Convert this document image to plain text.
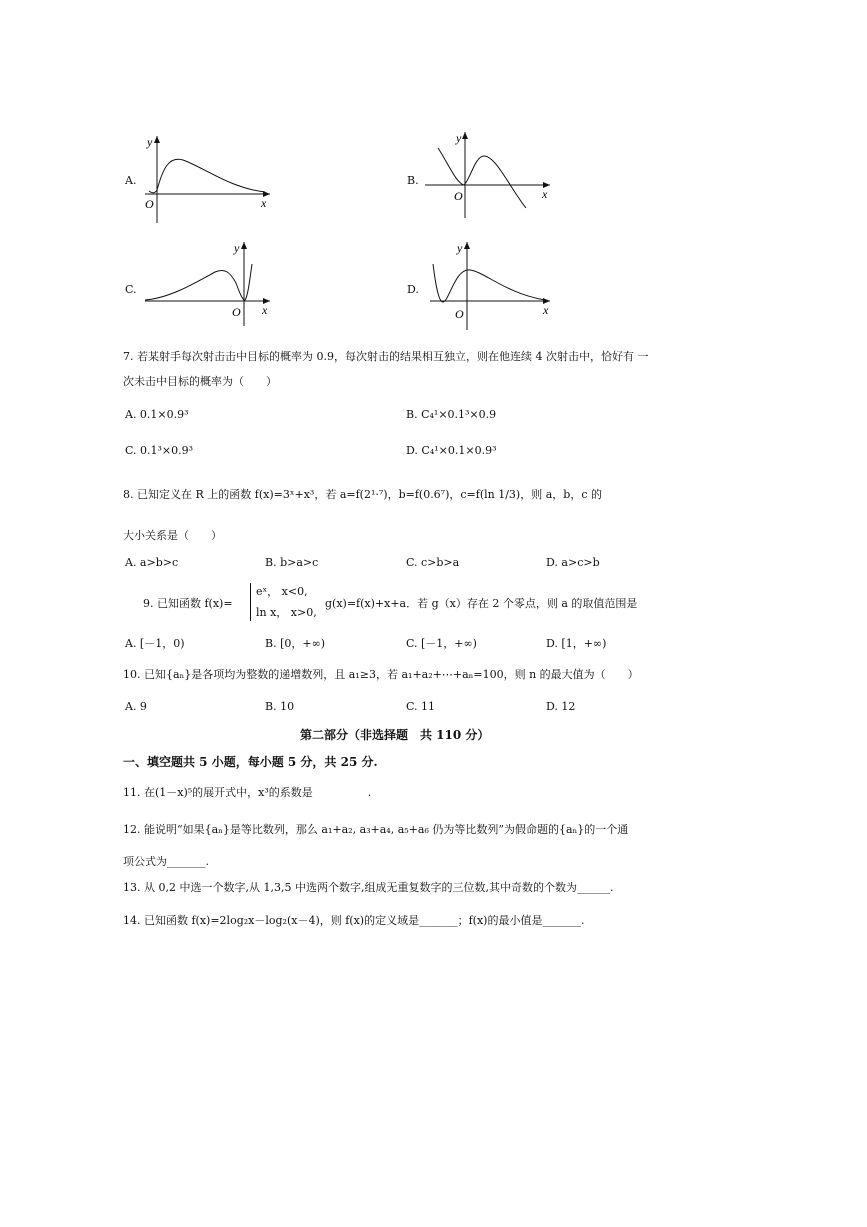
A.
y
x
O
B.
y
x
O
C.
y
x
O
D.
y
x
O
7. 若某射手每次射击击中目标的概率为 0.9，每次射击的结果相互独立，则在他连续 4 次射击中，恰好有 一
次未击中目标的概率为（　　）
A. 0.1×0.9³	B. C₄¹×0.1³×0.9
C. 0.1³×0.9³	D. C₄¹×0.1×0.9³
8. 已知定义在 R 上的函数 f(x)=3ˣ+x³，若 a=f(2¹·⁷)，b=f(0.6⁷)，c=f(ln 1/3)，则 a，b，c 的
大小关系是（　　）
A. a>b>c	B. b>a>c	C. c>b>a	D. a>c>b
9. 已知函数 f(x)=
eˣ， x<0,
ln x， x>0,
g(x)=f(x)+x+a．若 g（x）存在 2 个零点，则 a 的取值范围是
A. [－1，0)	B. [0，+∞)	C. [－1，+∞)	D. [1，+∞)
10. 已知{aₙ}是各项均为整数的递增数列，且 a₁≥3，若 a₁+a₂+⋯+aₙ=100，则 n 的最大值为（　　）
A. 9	B. 10	C. 11	D. 12
第二部分（非选择题　共 110 分）
一、填空题共 5 小题，每小题 5 分，共 25 分.
11. 在(1－x)⁵的展开式中，x³的系数是　　　　　.
12. 能说明“如果{aₙ}是等比数列，那么 a₁+a₂, a₃+a₄, a₅+a₆ 仍为等比数列”为假命题的{aₙ}的一个通
项公式为_______.
13. 从 0,2 中选一个数字,从 1,3,5 中选两个数字,组成无重复数字的三位数,其中奇数的个数为______.
14. 已知函数 f(x)=2log₂x－log₂(x－4)，则 f(x)的定义域是_______；f(x)的最小值是_______.
